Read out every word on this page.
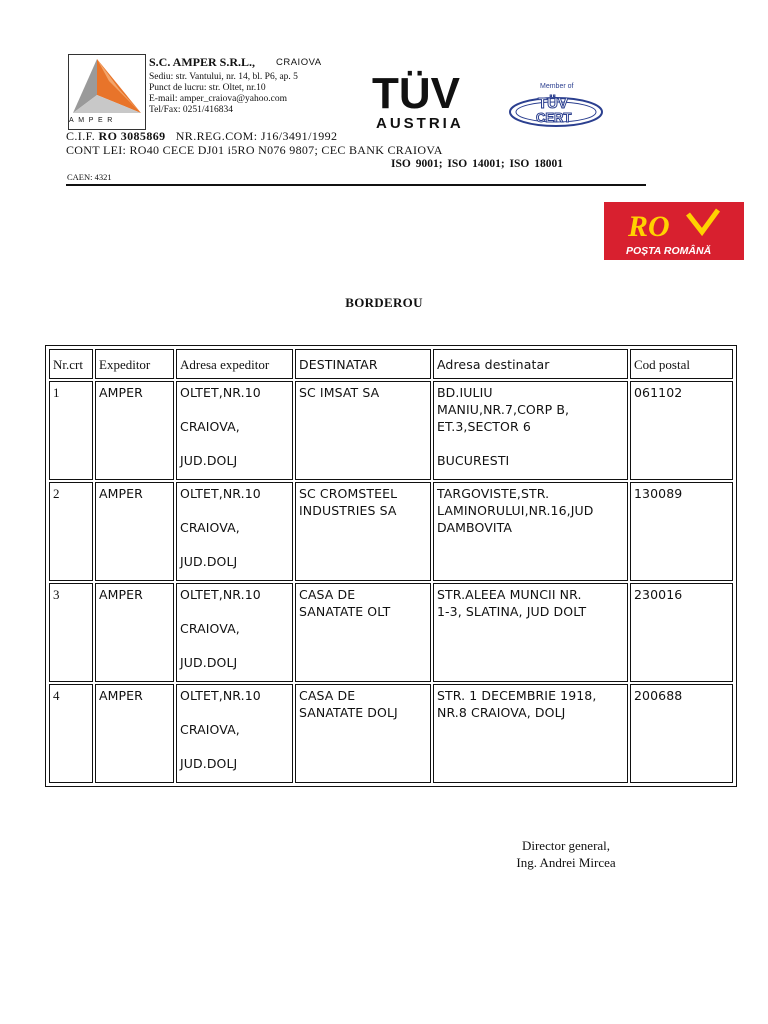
AMPER
S.C. AMPER S.R.L., CRAIOVA
Sediu: str. Vantului, nr. 14, bl. P6, ap. 5
Punct de lucru: str. Oltet, nr.10
E-mail: amper_craiova@yahoo.com
Tel/Fax: 0251/416834
C.I.F. RO 3085869 NR.REG.COM: J16/3491/1992
CONT LEI: RO40 CECE DJ01 i5RO N076 9807; CEC BANK CRAIOVA
ISO 9001; ISO 14001; ISO 18001
CAEN: 4321
TÜV
AUSTRIA
Member of
TÜV
CERT
RO
POȘTA ROMÂNĂ
BORDEROU
Nr.crt	Expeditor	Adresa expeditor	DESTINATAR	Adresa destinatar	Cod postal
1	AMPER	OLTET,NR.10
CRAIOVA,
JUD.DOLJ	SC IMSAT SA	BD.IULIU
MANIU,NR.7,CORP B,
ET.3,SECTOR 6

BUCURESTI	061102
2	AMPER	OLTET,NR.10
CRAIOVA,
JUD.DOLJ	SC CROMSTEEL
INDUSTRIES SA	TARGOVISTE,STR.
LAMINORULUI,NR.16,JUD
DAMBOVITA	130089
3	AMPER	OLTET,NR.10
CRAIOVA,
JUD.DOLJ	CASA DE
SANATATE OLT	STR.ALEEA MUNCII NR.
1-3, SLATINA, JUD DOLT	230016
4	AMPER	OLTET,NR.10
CRAIOVA,
JUD.DOLJ	CASA DE
SANATATE DOLJ	STR. 1 DECEMBRIE 1918,
NR.8 CRAIOVA, DOLJ	200688
Director general,
Ing. Andrei Mircea
